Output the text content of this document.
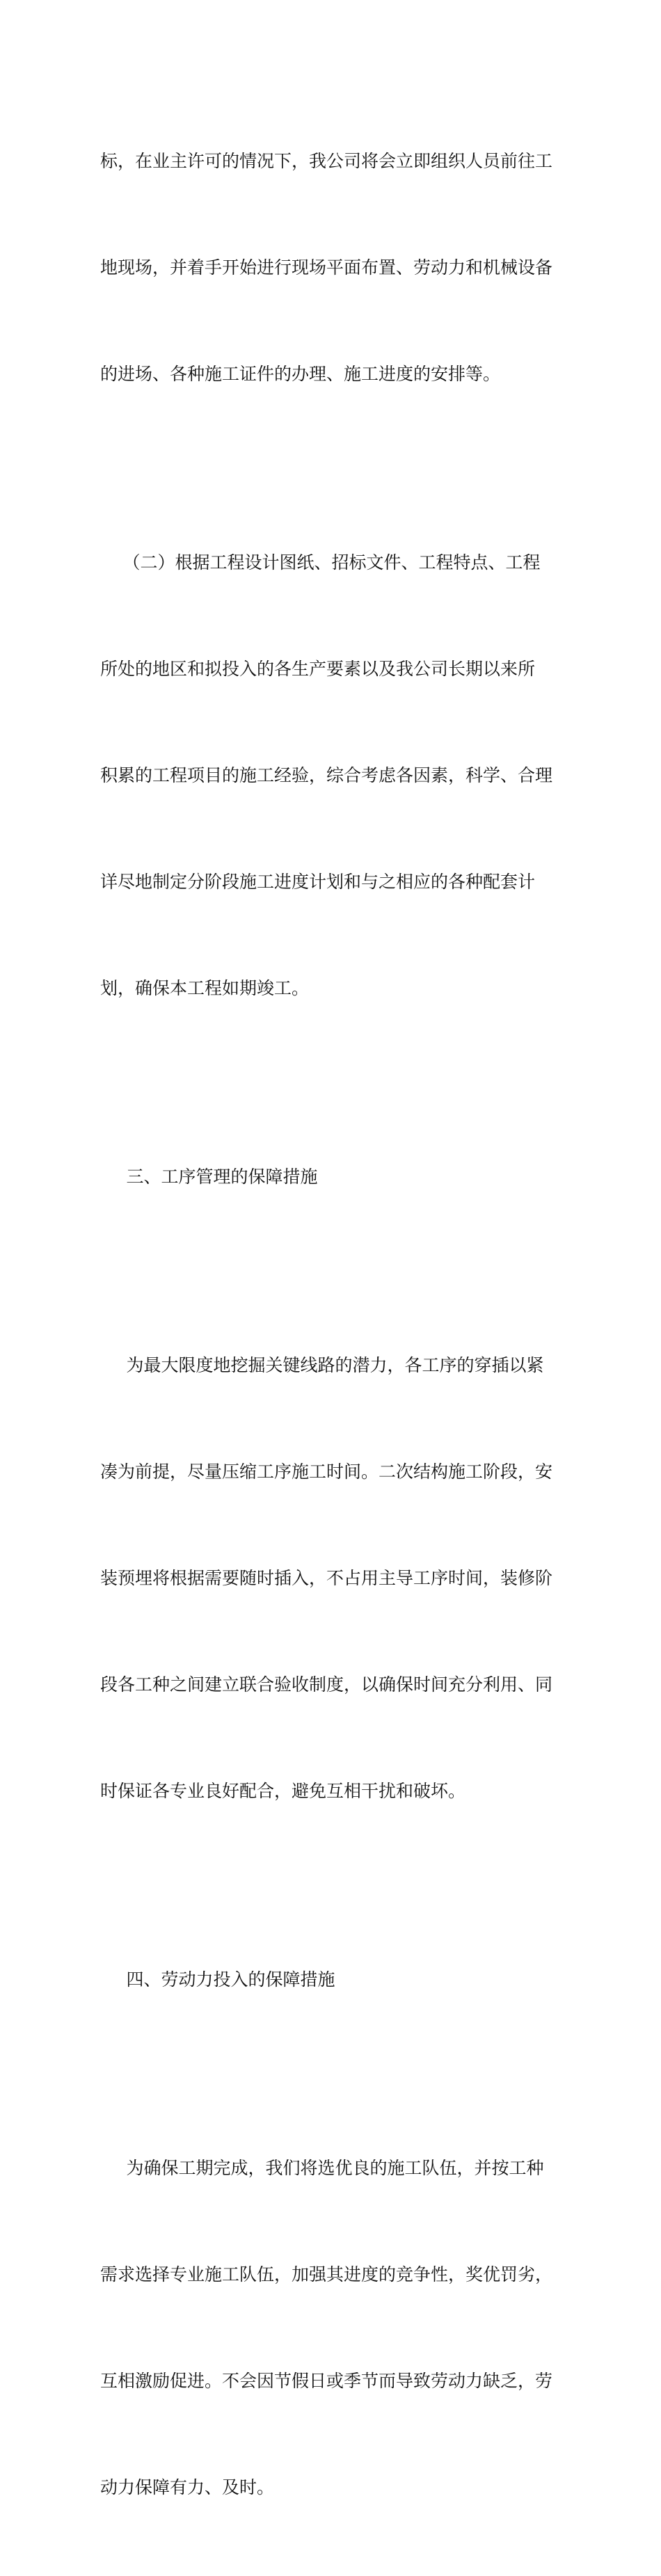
标，在业主许可的情况下，我公司将会立即组织人员前往工

地现场，并着手开始进行现场平面布置、劳动力和机械设备

的进场、各种施工证件的办理、施工进度的安排等。

（二）根据工程设计图纸、招标文件、工程特点、工程

所处的地区和拟投入的各生产要素以及我公司长期以来所

积累的工程项目的施工经验，综合考虑各因素，科学、合理

详尽地制定分阶段施工进度计划和与之相应的各种配套计

划，确保本工程如期竣工。

三、工序管理的保障措施

为最大限度地挖掘关键线路的潜力，各工序的穿插以紧

凑为前提，尽量压缩工序施工时间。二次结构施工阶段，安

装预埋将根据需要随时插入，不占用主导工序时间，装修阶

段各工种之间建立联合验收制度，以确保时间充分利用、同

时保证各专业良好配合，避免互相干扰和破坏。

四、劳动力投入的保障措施

为确保工期完成，我们将选优良的施工队伍，并按工种

需求选择专业施工队伍，加强其进度的竞争性，奖优罚劣，

互相激励促进。不会因节假日或季节而导致劳动力缺乏，劳

动力保障有力、及时。
